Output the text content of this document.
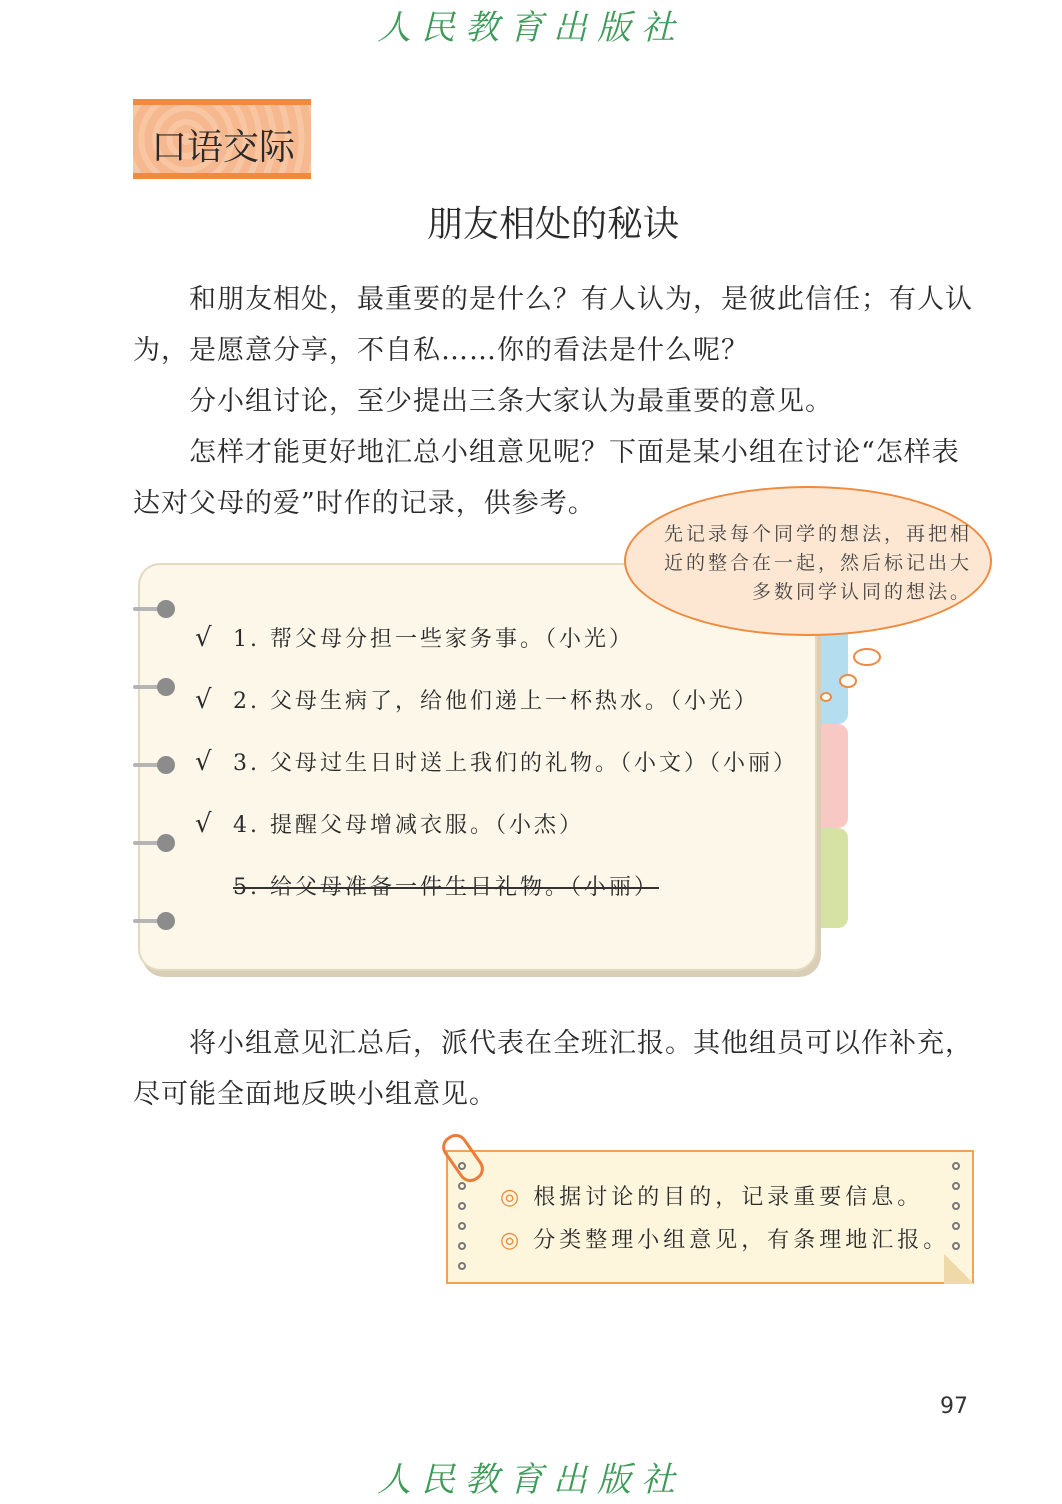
人民教育出版社
口语交际
朋友相处的秘诀
和朋友相处，最重要的是什么？有人认为，是彼此信任；有人认为，是愿意分享，不自私……你的看法是什么呢？
分小组讨论，至少提出三条大家认为最重要的意见。
怎样才能更好地汇总小组意见呢？下面是某小组在讨论“怎样表达对父母的爱”时作的记录，供参考。
√ 1. 帮父母分担一些家务事。（小光）
√ 2. 父母生病了，给他们递上一杯热水。（小光）
√ 3. 父母过生日时送上我们的礼物。（小文）（小丽）
√ 4. 提醒父母增减衣服。（小杰）
5. 给父母准备一件生日礼物。（小丽）
先记录每个同学的想法，再把相近的整合在一起，然后标记出大多数同学认同的想法。
将小组意见汇总后，派代表在全班汇报。其他组员可以作补充，尽可能全面地反映小组意见。
◎ 根据讨论的目的，记录重要信息。
◎ 分类整理小组意见，有条理地汇报。
97
人民教育出版社
